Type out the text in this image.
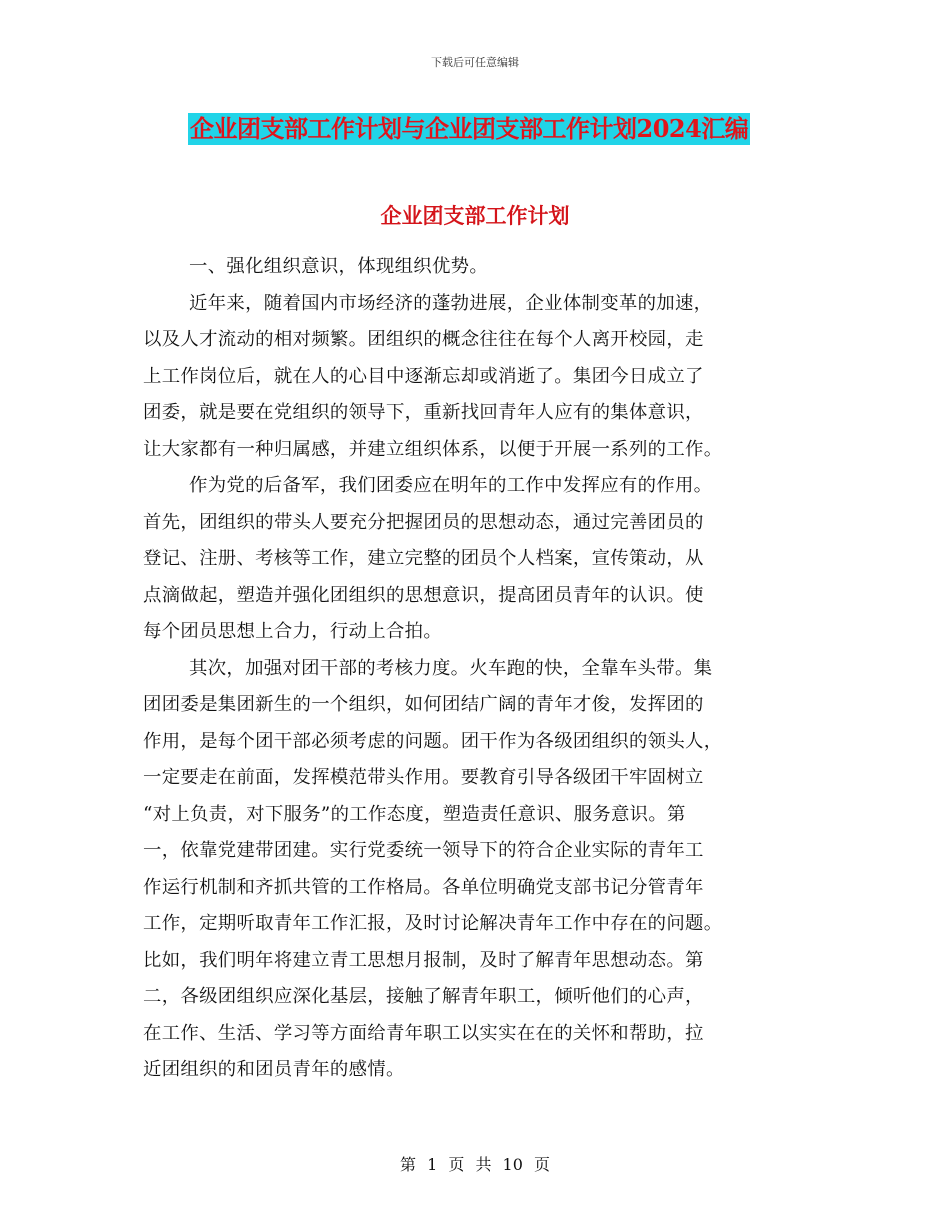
下载后可任意编辑
企业团支部工作计划与企业团支部工作计划2024汇编
企业团支部工作计划
一、强化组织意识，体现组织优势。
近年来，随着国内市场经济的蓬勃进展，企业体制变革的加速，
以及人才流动的相对频繁。团组织的概念往往在每个人离开校园，走
上工作岗位后，就在人的心目中逐渐忘却或消逝了。集团今日成立了
团委，就是要在党组织的领导下，重新找回青年人应有的集体意识，
让大家都有一种归属感，并建立组织体系，以便于开展一系列的工作。
作为党的后备军，我们团委应在明年的工作中发挥应有的作用。
首先，团组织的带头人要充分把握团员的思想动态，通过完善团员的
登记、注册、考核等工作，建立完整的团员个人档案，宣传策动，从
点滴做起，塑造并强化团组织的思想意识，提高团员青年的认识。使
每个团员思想上合力，行动上合拍。
其次，加强对团干部的考核力度。火车跑的快，全靠车头带。集
团团委是集团新生的一个组织，如何团结广阔的青年才俊，发挥团的
作用，是每个团干部必须考虑的问题。团干作为各级团组织的领头人，
一定要走在前面，发挥模范带头作用。要教育引导各级团干牢固树立
“对上负责，对下服务”的工作态度，塑造责任意识、服务意识。第
一，依靠党建带团建。实行党委统一领导下的符合企业实际的青年工
作运行机制和齐抓共管的工作格局。各单位明确党支部书记分管青年
工作，定期听取青年工作汇报，及时讨论解决青年工作中存在的问题。
比如，我们明年将建立青工思想月报制，及时了解青年思想动态。第
二，各级团组织应深化基层，接触了解青年职工，倾听他们的心声，
在工作、生活、学习等方面给青年职工以实实在在的关怀和帮助，拉
近团组织的和团员青年的感情。
第 1 页 共 10 页
